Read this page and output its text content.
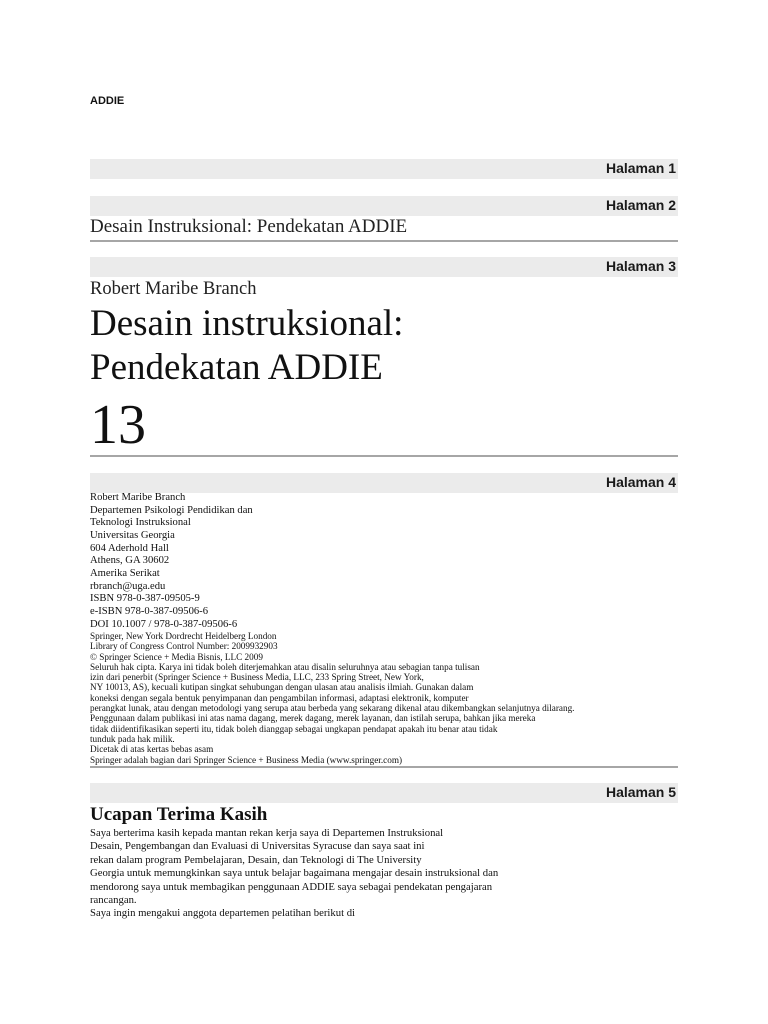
ADDIE
Halaman 1
Halaman 2
Desain Instruksional: Pendekatan ADDIE
Halaman 3
Robert Maribe Branch
Desain instruksional:
Pendekatan ADDIE
13
Halaman 4
Robert Maribe Branch
Departemen Psikologi Pendidikan dan
Teknologi Instruksional
Universitas Georgia
604 Aderhold Hall
Athens, GA 30602
Amerika Serikat
rbranch@uga.edu
ISBN 978-0-387-09505-9
e-ISBN 978-0-387-09506-6
DOI 10.1007 / 978-0-387-09506-6
Springer, New York Dordrecht Heidelberg London
Library of Congress Control Number: 2009932903
© Springer Science + Media Bisnis, LLC 2009
Seluruh hak cipta. Karya ini tidak boleh diterjemahkan atau disalin seluruhnya atau sebagian tanpa tulisan
izin dari penerbit (Springer Science + Business Media, LLC, 233 Spring Street, New York,
NY 10013, AS), kecuali kutipan singkat sehubungan dengan ulasan atau analisis ilmiah. Gunakan dalam
koneksi dengan segala bentuk penyimpanan dan pengambilan informasi, adaptasi elektronik, komputer
perangkat lunak, atau dengan metodologi yang serupa atau berbeda yang sekarang dikenal atau dikembangkan selanjutnya dilarang.
Penggunaan dalam publikasi ini atas nama dagang, merek dagang, merek layanan, dan istilah serupa, bahkan jika mereka
tidak diidentifikasikan seperti itu, tidak boleh dianggap sebagai ungkapan pendapat apakah itu benar atau tidak
tunduk pada hak milik.
Dicetak di atas kertas bebas asam
Springer adalah bagian dari Springer Science + Business Media (www.springer.com)
Halaman 5
Ucapan Terima Kasih
Saya berterima kasih kepada mantan rekan kerja saya di Departemen Instruksional
Desain, Pengembangan dan Evaluasi di Universitas Syracuse dan saya saat ini
rekan dalam program Pembelajaran, Desain, dan Teknologi di The University
Georgia untuk memungkinkan saya untuk belajar bagaimana mengajar desain instruksional dan
mendorong saya untuk membagikan penggunaan ADDIE saya sebagai pendekatan pengajaran
rancangan.
Saya ingin mengakui anggota departemen pelatihan berikut di
